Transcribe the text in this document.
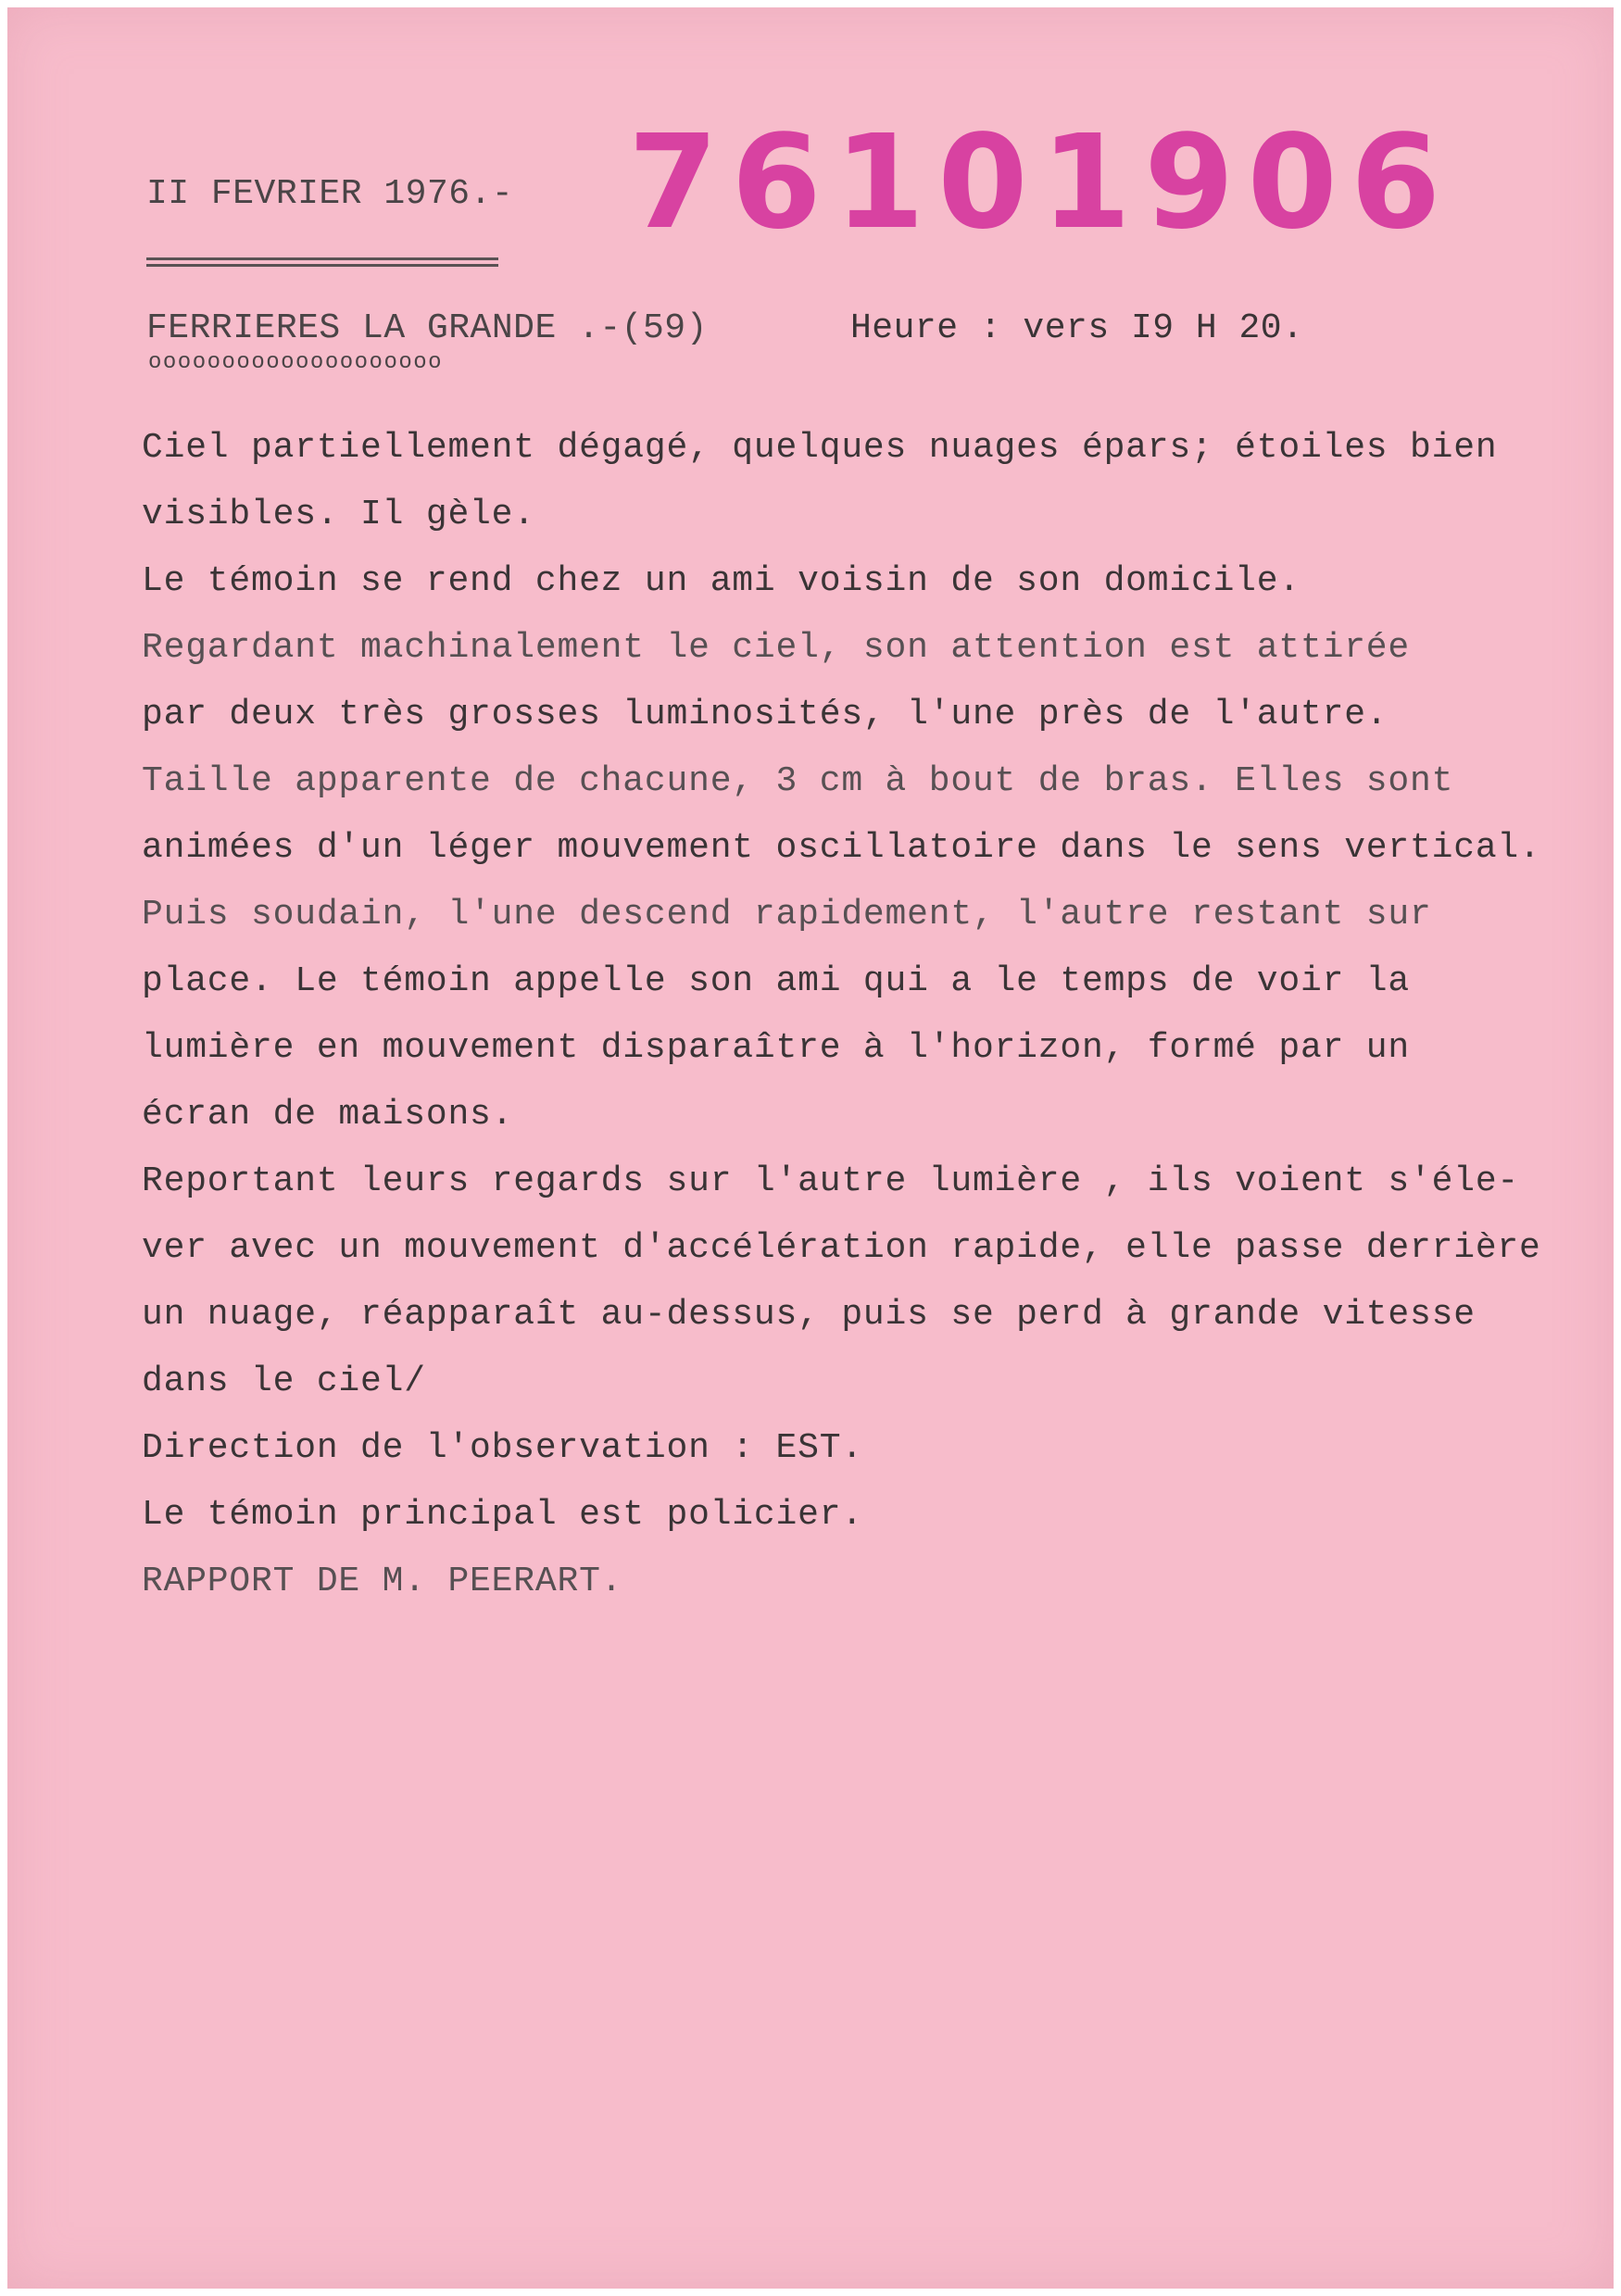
II FEVRIER 1976.- 76101906
FERRIERES LA GRANDE .-(59)	Heure : vers I9 H 20.
oooooooooooooooooooo
Ciel partiellement dégagé, quelques nuages épars; étoiles bien
visibles. Il gèle.
Le témoin se rend chez un ami voisin de son domicile.
Regardant machinalement le ciel, son attention est attirée
par deux très grosses luminosités, l'une près de l'autre.
Taille apparente de chacune, 3 cm à bout de bras. Elles sont
animées d'un léger mouvement oscillatoire dans le sens vertical.
Puis soudain, l'une descend rapidement, l'autre restant sur
place. Le témoin appelle son ami qui a le temps de voir la
lumière en mouvement disparaître à l'horizon, formé par un
écran de maisons.
Reportant leurs regards sur l'autre lumière , ils voient s'éle-
ver avec un mouvement d'accélération rapide, elle passe derrière
un nuage, réapparaît au-dessus, puis se perd à grande vitesse
dans le ciel/
Direction de l'observation : EST.
Le témoin principal est policier.
RAPPORT DE M. PEERART.
